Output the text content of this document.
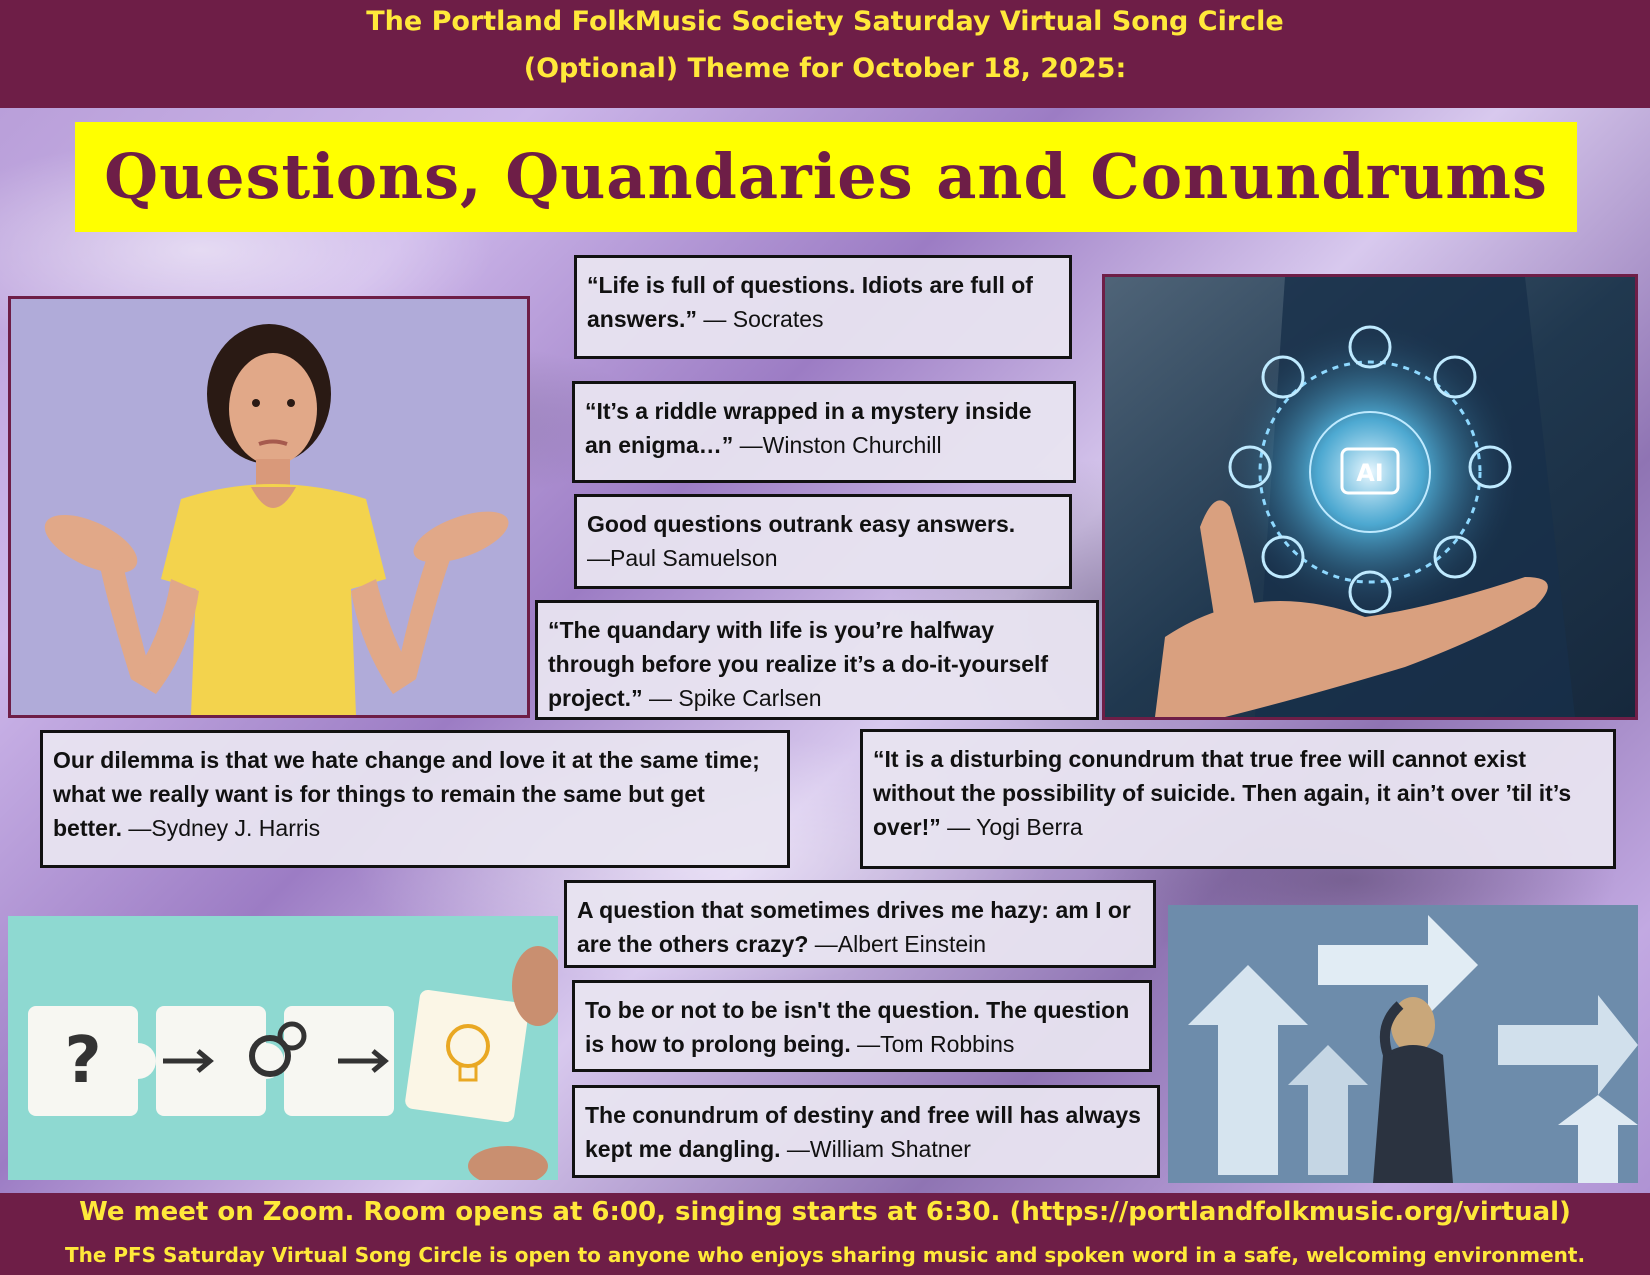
The Portland FolkMusic Society Saturday Virtual Song Circle
(Optional) Theme for October 18, 2025:
Questions, Quandaries and Conundrums
AI
?
“Life is full of questions. Idiots are full of answers.” — Socrates
“It’s a riddle wrapped in a mystery inside an enigma…” —Winston Churchill
Good questions outrank easy answers.
—Paul Samuelson
“The quandary with life is you’re halfway through before you realize it’s a do-it-yourself project.” — Spike Carlsen
Our dilemma is that we hate change and love it at the same time; what we really want is for things to remain the same but get better. —Sydney J. Harris
“It is a disturbing conundrum that true free will cannot exist without the possibility of suicide. Then again, it ain’t over ’til it’s over!” — Yogi Berra
A question that sometimes drives me hazy: am I or are the others crazy? —Albert Einstein
To be or not to be isn't the question. The question is how to prolong being. —Tom Robbins
The conundrum of destiny and free will has always kept me dangling. —William Shatner
We meet on Zoom. Room opens at 6:00, singing starts at 6:30. (https://portlandfolkmusic.org/virtual)
The PFS Saturday Virtual Song Circle is open to anyone who enjoys sharing music and spoken word in a safe, welcoming environment.
